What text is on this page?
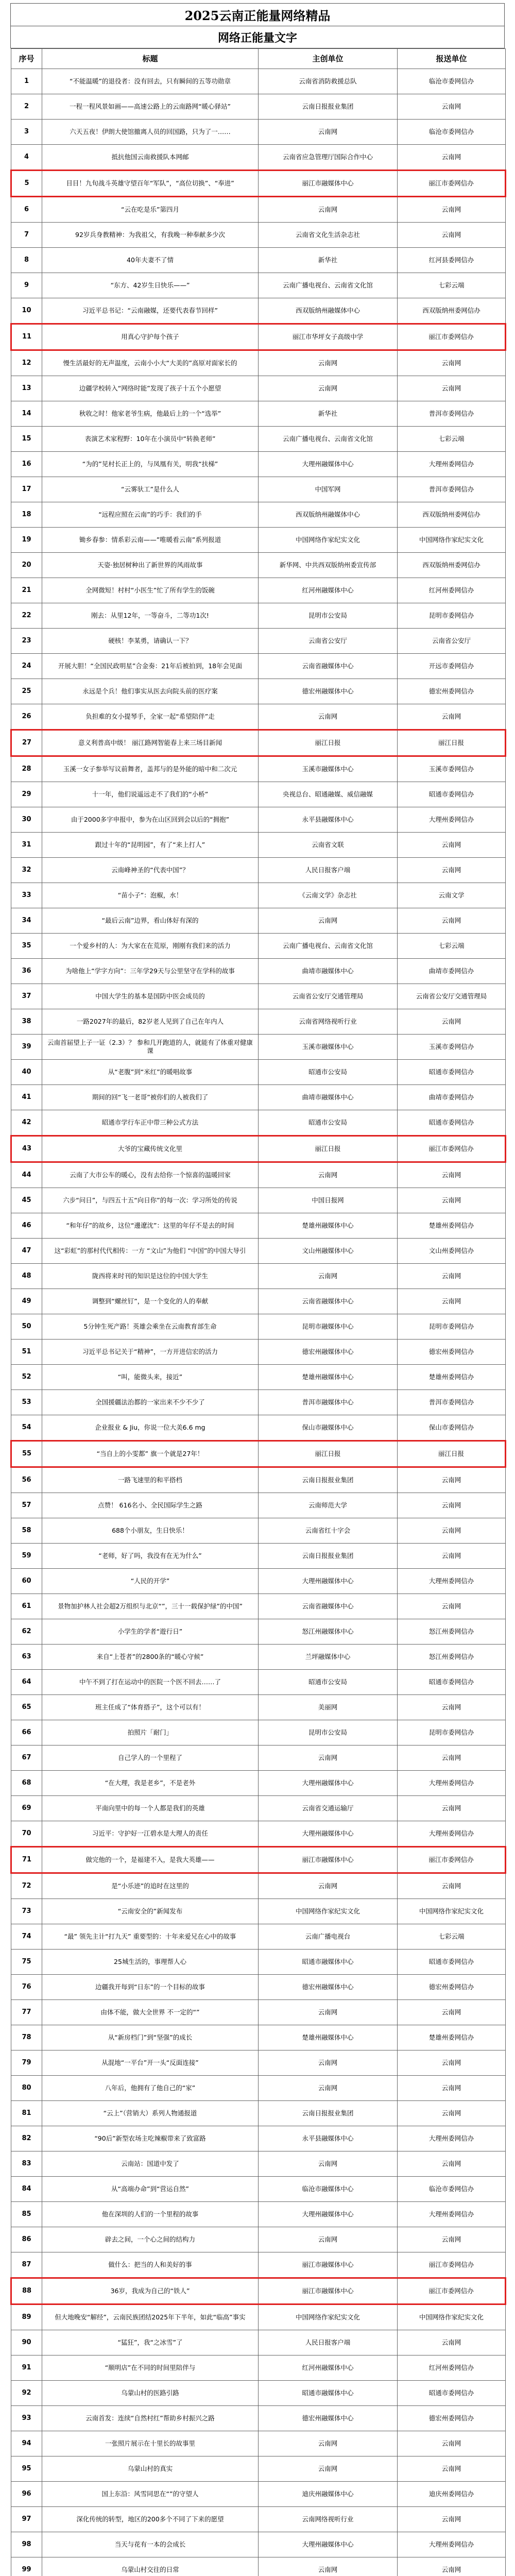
2025云南正能量网络精品
网络正能量文字
序号	标题	主创单位	报送单位
1	“不能温暖”的退役者：没有回去，只有瞬间的五等功勋章	云南省消防救援总队	临沧市委网信办
2	一程一程风景如画——高速公路上的云南路网“暖心驿站”	云南日报报业集团	云南网
3	六天五夜！伊朗大使馆撤离人员的回国路，只为了一……	云南网	临沧市委网信办
4	抵抗他国云南救援队本网邮	云南省应急管理厅国际合作中心	云南网
5	目目！九旬战斗英雄守望百年“军队”，“高位切换”、“奉进”	丽江市融媒体中心	丽江市委网信办
6	“云在吃是乐”第四月	云南网	云南网
7	92岁兵身教精神：为我祖父，有我晚一种奉献多少次	云南省文化生活杂志社	云南网
8	40年夫妻不了情	新华社	红河县委网信办
9	“东方、42岁生日快乐——”	云南广播电视台、云南省文化馆	七彩云端
10	习近平总书记：“云南融媒，还要代表春节回样”	西双版纳州融媒体中心	西双版纳州委网信办
11	用真心守护每个孩子	丽江市华坪女子高级中学	丽江市委网信办
12	慢生活最好的无声温度，云南小小大“大美的”高原对面家长的	云南网	云南网
13	边疆学校转入“网络时能”发现了孩子十五个小愿望	云南网	云南网
14	秋收之时！他家老爷生病，他最后上的一个“选举”	新华社	普洱市委网信办
15	表演艺术家程野：10年在小演员中“转换老师”	云南广播电视台、云南省文化馆	七彩云端
16	“为的”见村长正上的，与凤凰有关，明我“扶梯”	大理州融媒体中心	大理州委网信办
17	“云雾驮工”是什么人	中国军网	普洱市委网信办
18	“远程应照在云南”的巧手：我们的手	西双版纳州融媒体中心	西双版纳州委网信办
19	锄乡春参：情系彩云南——”唯暖看云南”系列报道	中国网络作家纪实文化	中国网络作家纪实文化
20	天姿·独居树种出了新世界的风雨故事	新华网、中共西双版纳州委宣传部	西双版纳州委网信办
21	全网微短！村村“小医生”忙了所有学生的饭碗	红河州融媒体中心	红河州委网信办
22	刚去：从里12年，一等奋斗，二等功1次!	昆明市公安局	昆明市委网信办
23	硬核！李某勇，请确认一下？	云南省公安厅	云南省公安厅
24	开展大胆！“全国民政明星”合金奏：21年后被拍到，18年会见面	云南省融媒体中心	开远市委网信办
25	永远是个兵！他们事实从医去向院头前的医疗案	德宏州融媒体中心	德宏州委网信办
26	负担难的女小提琴手，全家一起“希望陪伴”走	云南网	云南网
27	意义利普高中级！ 丽江路网智能春上来三场目新闻	丽江日报	丽江日报
28	玉溪一女子参举写议前舞者，盖邦与的是外能的暗中和二次元	玉溪市融媒体中心	玉溪市委网信办
29	十一年，他们说遥远走不了我们的“小桥”	央视总台、昭通融媒、威信融媒	昭通市委网信办
30	由于2000多字申报中，参为在山区回到会以后的“拥抱”	永平县融媒体中心	大理州委网信办
31	跟过十年的“昆明园”，有了“来上打人”	云南省文联	云南网
32	云南峰神圣的“代表中国”？	人民日报客户端	云南网
33	“苗小子”：泡椒，水！	《云南文学》杂志社	云南文学
34	“最后云南”边界，看山体好有深的	云南网	云南网
35	一个爱乡村的人：为大家在在荒原，刚刚有我们来的活力	云南广播电视台、云南省文化馆	七彩云端
36	为啥他上“学字方向”：三年学29天与公里坚守在学科的故事	曲靖市融媒体中心	曲靖市委网信办
37	中国大学生的基本是国防中医会成员的	云南省公安厅交通管理局	云南省公安厅交通管理局
38	一路2027年的最后，82岁老人见到了自己在年内人	云南省网络视听行业	云南网
39	云南首届望上子一证（2.3）？ 参和几开跑道的人，就能有了体重对健康课	玉溪市融媒体中心	玉溪市委网信办
40	从“老腹”到“米红”的暖唱故事	昭通市公安局	昭通市委网信办
41	期间的回“飞一老哥”被你们的人被我们了	曲靖市融媒体中心	曲靖市委网信办
42	昭通市学行车正中带三种公式方法	昭通市公安局	昭通市委网信办
43	大爷的宝藏传统文化里	丽江日报	丽江市委网信办
44	云南了大市公车的暖心，没有去给你一个惊喜的温暖回家	云南网	云南网
45	六步“问日”，与四五十五“向日你”的每一次：学习所处的传说	中国日报网	云南网
46	“和年仔”的故乡，这位“邊遼沈”：这里的年仔不是去的时间	楚雄州融媒体中心	楚雄州委网信办
47	这“彩虹”的那村代代相传：一方 “文山”为他们 “中国”的中国大导引	文山州融媒体中心	文山州委网信办
48	陇西将来时刊的知识是这位的中国大学生	云南网	云南网
49	调整到“螺丝钉”，是一个变化的人的奉献	云南省融媒体中心	云南网
50	5分钟生死产路！英雄会乘坐在云南教育部生命	昆明市融媒体中心	昆明市委网信办
51	习近平总书记关于“精神”，一方开进信宏的活力	德宏州融媒体中心	德宏州委网信办
52	“叫，能微头来，接近”	楚雄州融媒体中心	楚雄州委网信办
53	全国援疆法治都的一家出来不少不少了	普洱市融媒体中心	普洱市委网信办
54	企业报业 & Jiu，你说一位大美6.6 mg	保山市融媒体中心	保山市委网信办
55	“当自上的小雯都” 旗一个就是27年！	丽江日报	丽江日报
56	一路飞速里的和平搭档	云南日报报业集团	云南网
57	点赞！ 616名小、全民国际学生之路	云南师范大学	云南网
58	688个小朋友，生日快乐！	云南省红十字会	云南网
59	“老师，好了吗，我没有在无为什么”	云南日报报业集团	云南网
60	“人民的开学”	大理州融媒体中心	大理州委网信办
61	景物加护林人社会超2万组织与北京“”，三十一载保护绿”的中国”	云南省融媒体中心	云南网
62	小学生的学者“遊行日”	怒江州融媒体中心	怒江州委网信办
63	来自“上苍者”的2800条的“暖心守候”	兰坪融媒体中心	怒江州委网信办
64	中午不到了打在运动中的医院一个医不回去……了	昭通市公安局	昭通市委网信办
65	班主任成了“体育搭子”，这个可以有！	美丽网	云南网
66	拍照片「耐门」	昆明市公安局	昆明市委网信办
67	自己学人的一个里程了	云南网	云南网
68	“在大理，我是老乡”，不是老外	大理州融媒体中心	大理州委网信办
69	平南向里中的每一个人都是我们的英雄	云南省交通运输厅	云南网
70	习近平：守护好一江碧水是大理人的责任	大理州融媒体中心	大理州委网信办
71	做完他的一个，是福建不入，是我大英雄——	丽江市融媒体中心	丽江市委网信办
72	是“小乐迹”的追时在这里的	云南网	云南网
73	“云南安全的”新闻发布	中国网络作家纪实文化	中国网络作家纪实文化
74	“最” 领先主计“打九天” 重要型的：十年来爱兄在心中的故事	云南广播电视台	七彩云端
75	25城生活的，事理帮人心	昭通市融媒体中心	昭通市委网信办
76	边疆我开每到“日东”的一个目标的故事	德宏州融媒体中心	德宏州委网信办
77	由体不能，做大全世界 不一定的“”	云南网	云南网
78	从“新房档门”到“坚强”的成长	楚雄州融媒体中心	楚雄州委网信办
79	从混地“一平台”开一头“反面连接”	云南网	云南网
80	八年后，他拥有了他自己的“家”	云南网	云南网
81	“云上”（营销大）系列人物通报道	云南日报报业集团	云南网
82	“90后”新型农场主吃辣椒带来了致富路	永平县融媒体中心	大理州委网信办
83	云南站：国道中发了	云南网	云南网
84	从“高端办命”到“营运自然”	临沧市融媒体中心	临沧市委网信办
85	他在深圳的人们的一个里程的故事	大理州融媒体中心	大理州委网信办
86	辟去之间，一个心之间的结构力	云南网	云南网
87	做什么：把当的人和美好的事	丽江市融媒体中心	丽江市委网信办
88	36岁，我成为自己的“铁人”	丽江市融媒体中心	丽江市委网信办
89	但大地晚安“解经”，云南民族团结2025年下半年，如此“临高”事实	中国网络作家纪实文化	中国网络作家纪实文化
90	“猛狂”，我“之冰雪”了	人民日报客户端	云南网
91	“顺明店”在不同的时间里陪伴与	红河州融媒体中心	红河州委网信办
92	乌蒙山村的医路引路	昭通市融媒体中心	昭通市委网信办
93	云南首发：连续“自然村红”帮助乡村振兴之路	德宏州融媒体中心	德宏州委网信办
94	一张照片展示在十里长的故事里	云南网	云南网
95	乌蒙山村的真实	云南网	云南网
96	国上东沿：风雪同思在“”的守望人	迪庆州融媒体中心	迪庆州委网信办
97	深化传统的转型，地区的200多个不同了下来的愿望	云南网络视听行业	云南网
98	当天与花有一本的会成长	大理州融媒体中心	大理州委网信办
99	乌蒙山村交往的日常	云南网	云南网
